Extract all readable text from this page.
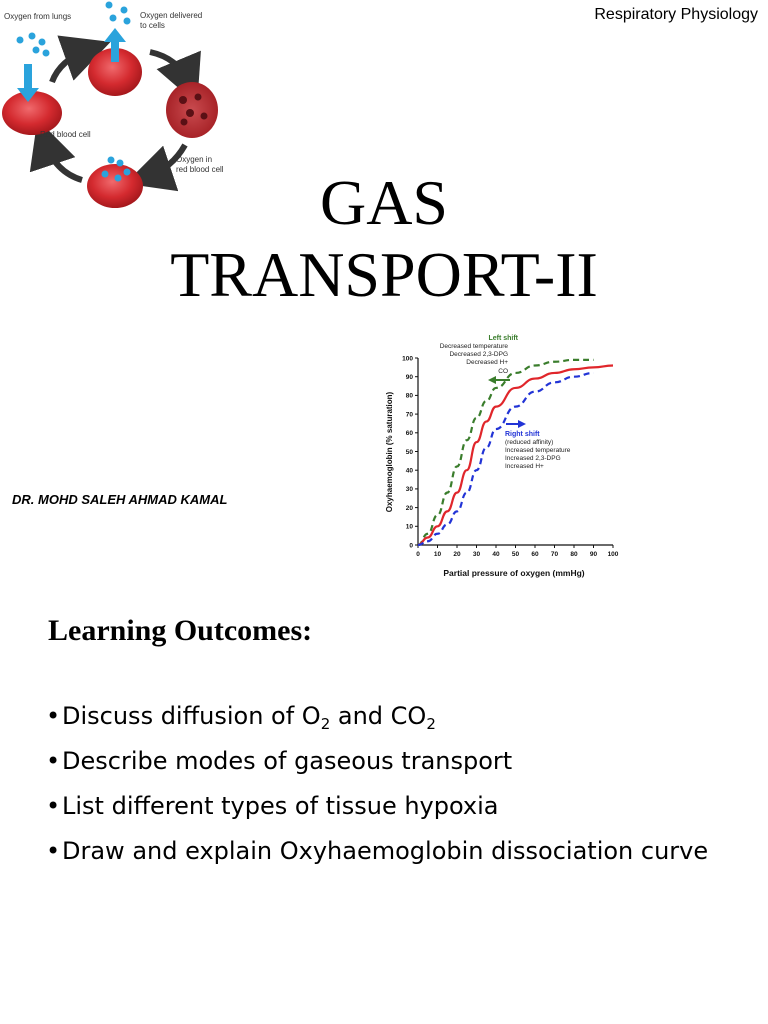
Respiratory Physiology
Oxygen from lungs	Oxygen delivered
to cells
Red blood cell
Oxygen in
red blood cell	GAS
TRANSPORT-II
DR. MOHD SALEH AHMAD KAMAL
0 10 20 30 40 50 60 70 80 90 100
0
10
20
30
40
50
60
70
80
90
100
Left shift
Decreased temperature
Decreased 2,3-DPG
Decreased H+
CO
Right shift
(reduced affinity)
Increased temperature
Increased 2,3-DPG
Increased H+
Partial pressure of oxygen (mmHg)
Oxyhaemoglobin (% saturation)
Learning Outcomes:
• Discuss diffusion of $O_2$ and $CO_2$
• Describe modes of gaseous transport
• List different types of tissue hypoxia
• Draw and explain Oxyhaemoglobin dissociation curve
